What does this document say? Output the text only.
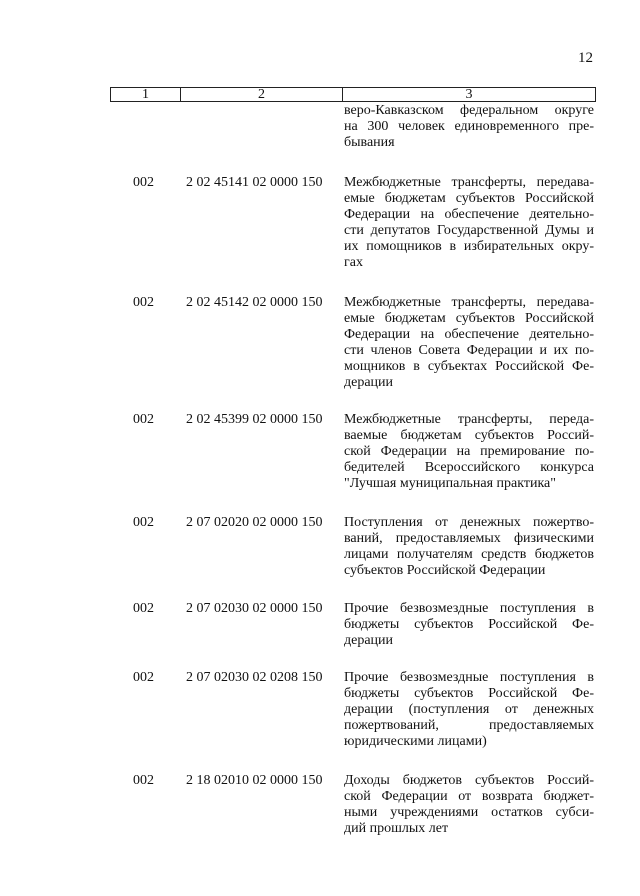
12
1	2	3
веро-Кавказском федеральном округе
на 300 человек единовременного пре-
бывания
002	2 02 45141 02 0000 150	Межбюджетные трансферты, передава-
емые бюджетам субъектов Российской
Федерации на обеспечение деятельно-
сти депутатов Государственной Думы и
их помощников в избирательных окру-
гах
002	2 02 45142 02 0000 150	Межбюджетные трансферты, передава-
емые бюджетам субъектов Российской
Федерации на обеспечение деятельно-
сти членов Совета Федерации и их по-
мощников в субъектах Российской Фе-
дерации
002	2 02 45399 02 0000 150	Межбюджетные трансферты, переда-
ваемые бюджетам субъектов Россий-
ской Федерации на премирование по-
бедителей Всероссийского конкурса
"Лучшая муниципальная практика"
002	2 07 02020 02 0000 150	Поступления от денежных пожертво-
ваний, предоставляемых физическими
лицами получателям средств бюджетов
субъектов Российской Федерации
002	2 07 02030 02 0000 150	Прочие безвозмездные поступления в
бюджеты субъектов Российской Фе-
дерации
002	2 07 02030 02 0208 150	Прочие безвозмездные поступления в
бюджеты субъектов Российской Фе-
дерации (поступления от денежных
пожертвований, предоставляемых
юридическими лицами)
002	2 18 02010 02 0000 150	Доходы бюджетов субъектов Россий-
ской Федерации от возврата бюджет-
ными учреждениями остатков субси-
дий прошлых лет
